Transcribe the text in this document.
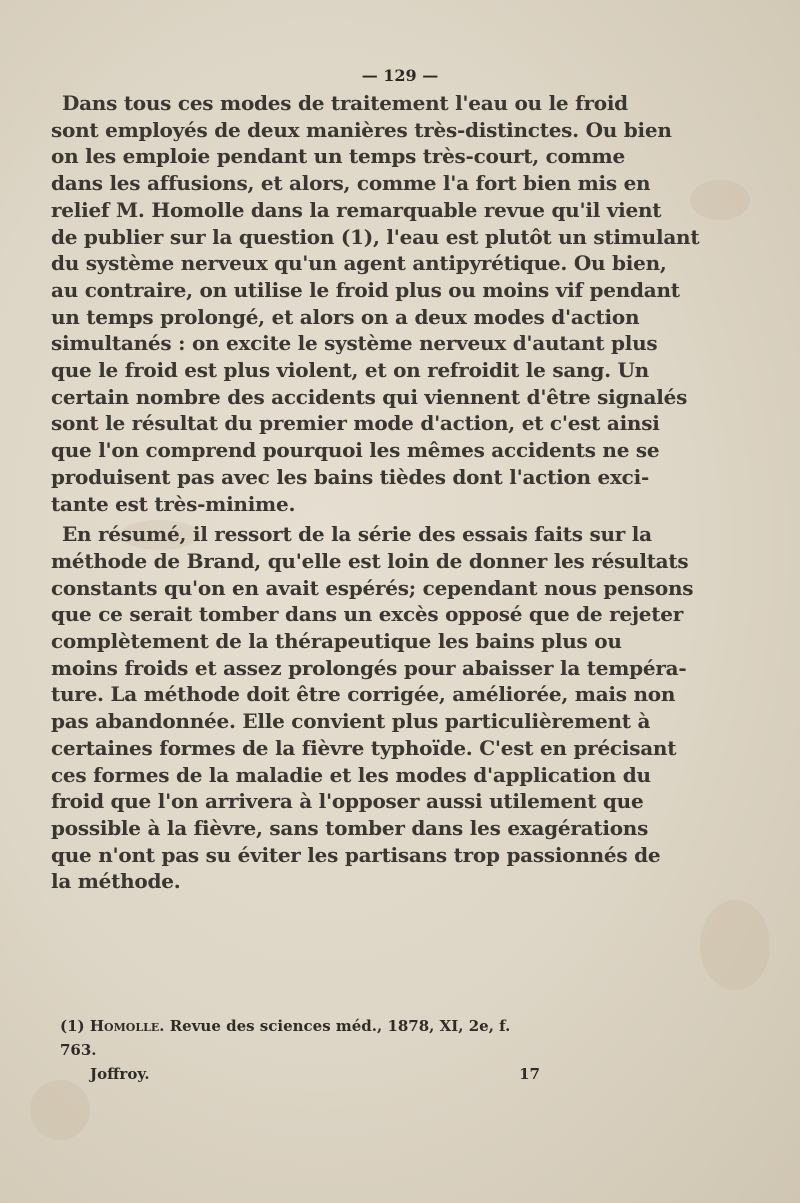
— 129 —
Dans tous ces modes de traitement l'eau ou le froid
sont employés de deux manières très-distinctes. Ou bien
on les emploie pendant un temps très-court, comme
dans les affusions, et alors, comme l'a fort bien mis en
relief M. Homolle dans la remarquable revue qu'il vient
de publier sur la question (1), l'eau est plutôt un stimulant
du système nerveux qu'un agent antipyrétique. Ou bien,
au contraire, on utilise le froid plus ou moins vif pendant
un temps prolongé, et alors on a deux modes d'action
simultanés : on excite le système nerveux d'autant plus
que le froid est plus violent, et on refroidit le sang. Un
certain nombre des accidents qui viennent d'être signalés
sont le résultat du premier mode d'action, et c'est ainsi
que l'on comprend pourquoi les mêmes accidents ne se
produisent pas avec les bains tièdes dont l'action exci-
tante est très-minime.
En résumé, il ressort de la série des essais faits sur la
méthode de Brand, qu'elle est loin de donner les résultats
constants qu'on en avait espérés; cependant nous pensons
que ce serait tomber dans un excès opposé que de rejeter
complètement de la thérapeutique les bains plus ou
moins froids et assez prolongés pour abaisser la tempéra-
ture. La méthode doit être corrigée, améliorée, mais non
pas abandonnée. Elle convient plus particulièrement à
certaines formes de la fièvre typhoïde. C'est en précisant
ces formes de la maladie et les modes d'application du
froid que l'on arrivera à l'opposer aussi utilement que
possible à la fièvre, sans tomber dans les exagérations
que n'ont pas su éviter les partisans trop passionnés de
la méthode.
(1) Homolle. Revue des sciences méd., 1878, XI, 2e, f. 763.
Joffroy.	17
